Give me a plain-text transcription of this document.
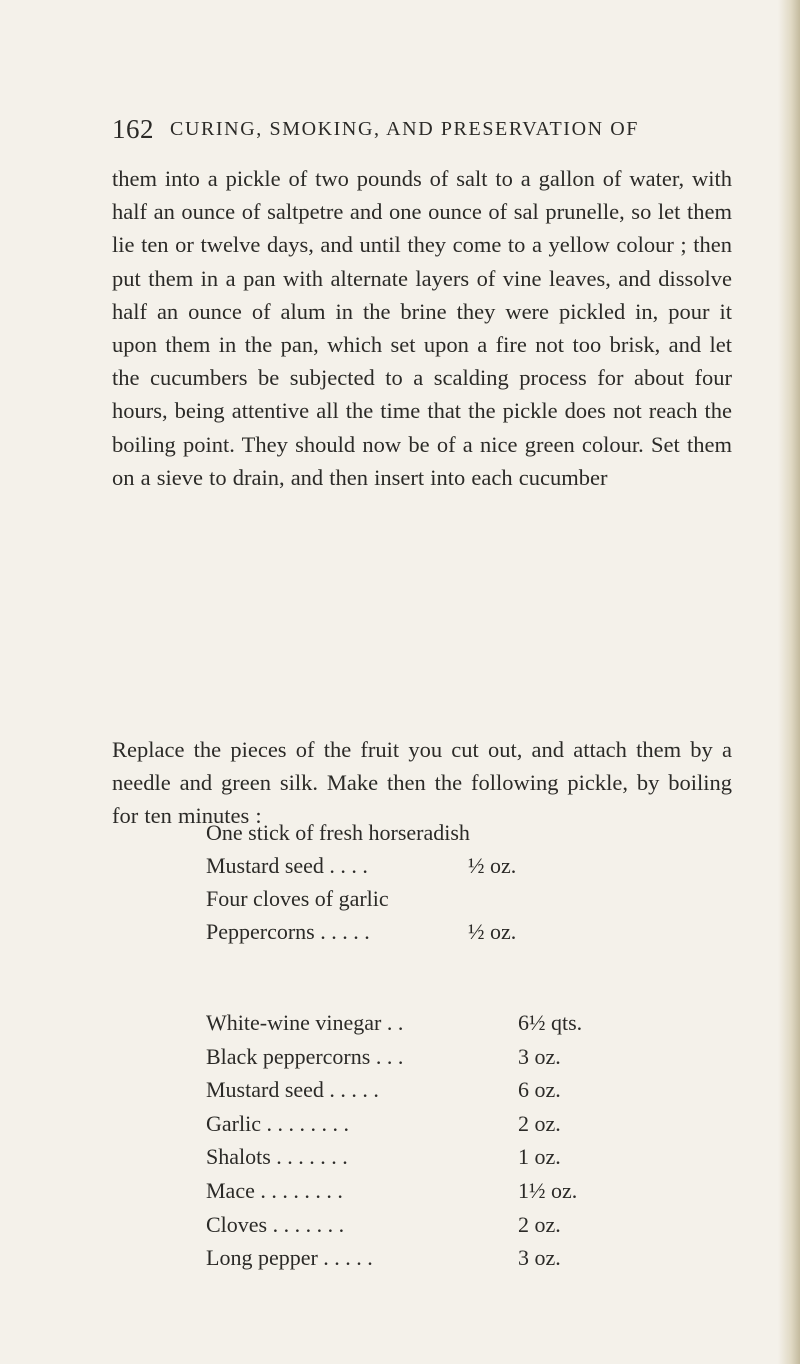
162 CURING, SMOKING, AND PRESERVATION OF

them into a pickle of two pounds of salt to a gallon of water, with half an ounce of saltpetre and one ounce of sal prunelle, so let them lie ten or twelve days, and until they come to a yellow colour ; then put them in a pan with alternate layers of vine leaves, and dissolve half an ounce of alum in the brine they were pickled in, pour it upon them in the pan, which set upon a fire not too brisk, and let the cucumbers be subjected to a scalding process for about four hours, being attentive all the time that the pickle does not reach the boiling point. They should now be of a nice green colour. Set them on a sieve to drain, and then insert into each cucumber

One stick of fresh horseradish
Mustard seed . . . .	½ oz.
Four cloves of garlic
Peppercorns . . . . .	½ oz.

Replace the pieces of the fruit you cut out, and attach them by a needle and green silk. Make then the following pickle, by boiling for ten minutes :

White-wine vinegar . .	6½ qts.
Black peppercorns . . .	3 oz.
Mustard seed . . . . .	6 oz.
Garlic . . . . . . . .	2 oz.
Shalots . . . . . . .	1 oz.
Mace . . . . . . . .	1½ oz.
Cloves . . . . . . .	2 oz.
Long pepper . . . . .	3 oz.
